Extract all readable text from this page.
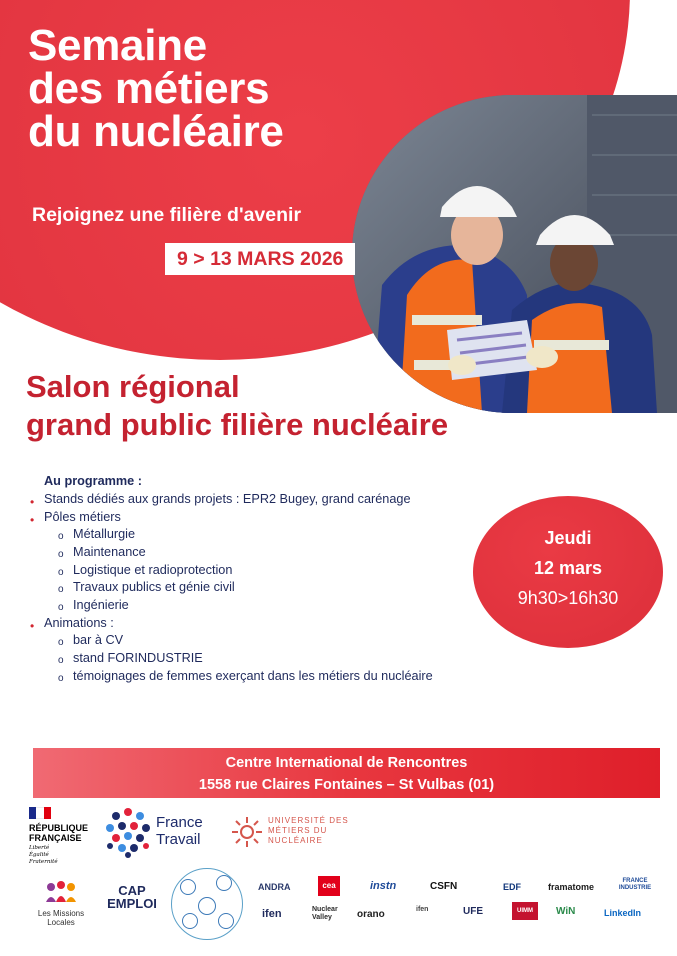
Semaine
des métiers
du nucléaire

Rejoignez une filière d'avenir

9 > 13 MARS 2026
Salon régional
grand public filière nucléaire

Au programme :

• Stands dédiés aux grands projets : EPR2 Bugey, grand carénage
• Pôles métiers
o Métallurgie
o Maintenance
o Logistique et radioprotection
o Travaux publics et génie civil
o Ingénierie
• Animations :
o bar à CV
o stand FORINDUSTRIE
o témoignages de femmes exerçant dans les métiers du nucléaire
Jeudi
12 mars
9h30>16h30
Centre International de Rencontres
1558 rue Claires Fontaines – St Vulbas (01)
RÉPUBLIQUE
FRANÇAISE
Liberté
Égalité
Fraternité
France
Travail
UNIVERSITÉ DES
MÉTIERS DU
NUCLÉAIRE
Les Missions Locales
CAP
EMPLOI
ANDRA	cea	instn	CSFN	EDF	framatome
FRANCE INDUSTRIE
ifen	Nuclear Valley	orano	ifen	UFE	UIMM	WiN	LinkedIn
